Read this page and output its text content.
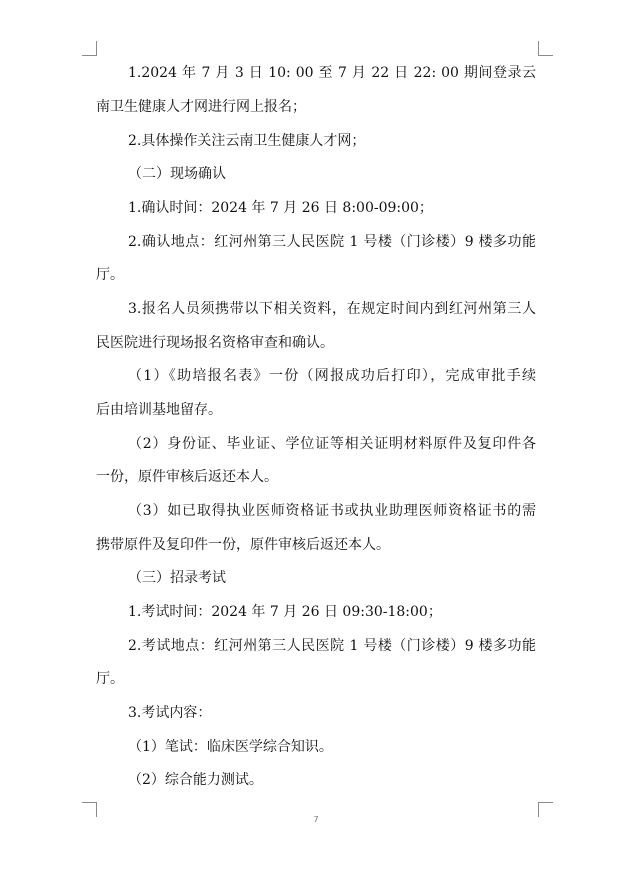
1.2024 年 7 月 3 日 10: 00 至 7 月 22 日 22: 00 期间登录云
南卫生健康人才网进行网上报名；
2.具体操作关注云南卫生健康人才网；
（二）现场确认
1.确认时间：2024 年 7 月 26 日 8:00-09:00；
2.确认地点：红河州第三人民医院 1 号楼（门诊楼）9 楼多功能
厅。
3.报名人员须携带以下相关资料，在规定时间内到红河州第三人
民医院进行现场报名资格审查和确认。
（1）《助培报名表》一份（网报成功后打印），完成审批手续
后由培训基地留存。
（2）身份证、毕业证、学位证等相关证明材料原件及复印件各
一份，原件审核后返还本人。
（3）如已取得执业医师资格证书或执业助理医师资格证书的需
携带原件及复印件一份，原件审核后返还本人。
（三）招录考试
1.考试时间：2024 年 7 月 26 日 09:30-18:00；
2.考试地点：红河州第三人民医院 1 号楼（门诊楼）9 楼多功能
厅。
3.考试内容：
（1）笔试：临床医学综合知识。
（2）综合能力测试。
7
